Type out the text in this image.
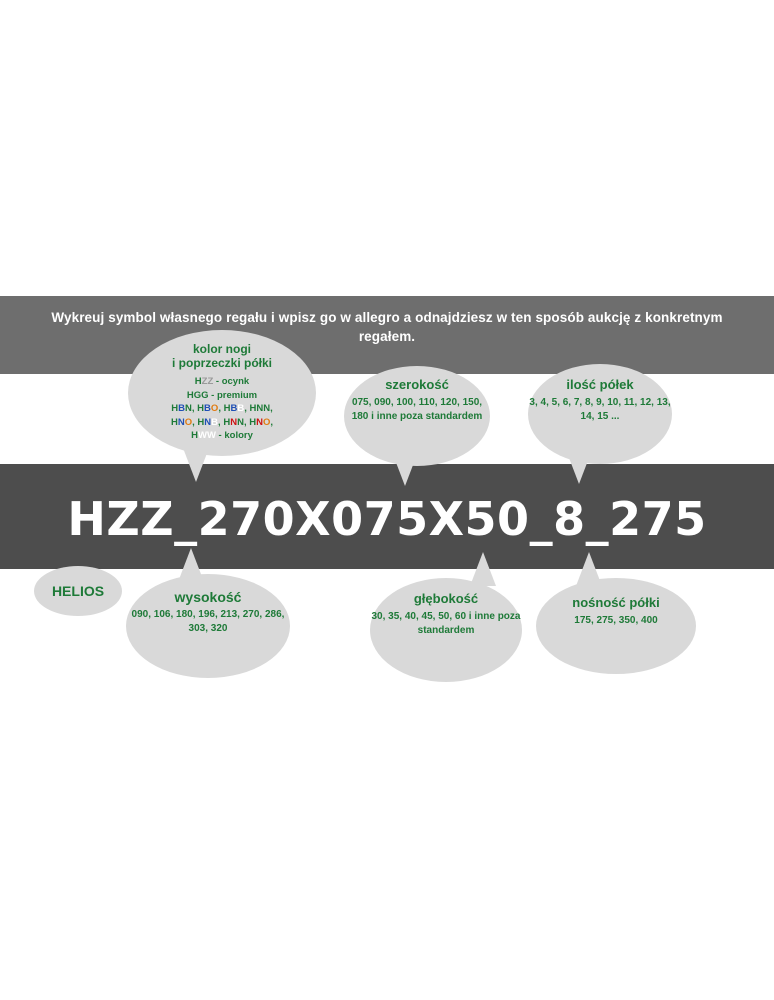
Wykreuj symbol własnego regału i wpisz go w allegro a odnajdziesz w ten sposób aukcję z konkretnym regałem.
HZZ_270X075X50_8_275
kolor nogi
i poprzeczki półki
HZZ - ocynk
HGG - premium
HBN, HBO, HBB, HNN,
HNO, HNB, HNN, HNO,
HWW - kolory
szerokość
075, 090, 100, 110, 120, 150, 180 i inne poza standardem
ilość półek
3, 4, 5, 6, 7, 8, 9, 10, 11, 12, 13, 14, 15 ...
HELIOS	wysokość
090, 106, 180, 196, 213, 270, 286, 303, 320
głębokość
30, 35, 40, 45, 50, 60 i inne poza standardem
nośność półki
175, 275, 350, 400
